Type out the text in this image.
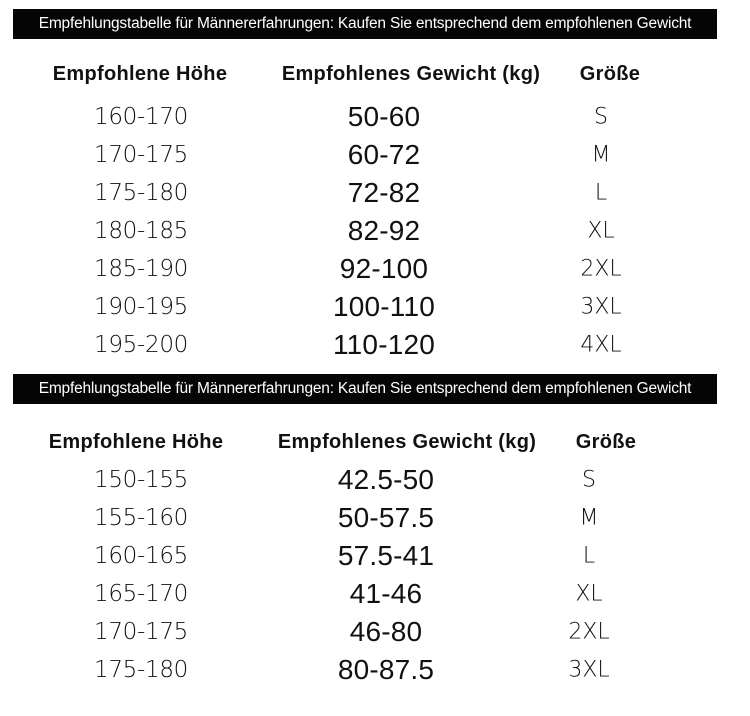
Empfehlungstabelle für Männererfahrungen: Kaufen Sie entsprechend dem empfohlenen Gewicht
Empfohlene Höhe	Empfohlenes Gewicht (kg) Größe
160-170	50-60	S
170-175	60-72	M
175-180	72-82	L
180-185	82-92	XL
185-190	92-100	2XL
190-195	100-110	3XL
195-200	110-120	4XL
Empfehlungstabelle für Männererfahrungen: Kaufen Sie entsprechend dem empfohlenen Gewicht
Empfohlene Höhe	Empfohlenes Gewicht (kg) Größe
150-155	42.5-50	S
155-160	50-57.5	M
160-165	57.5-41	L
165-170	41-46	XL
170-175	46-80	2XL
175-180	80-87.5	3XL
